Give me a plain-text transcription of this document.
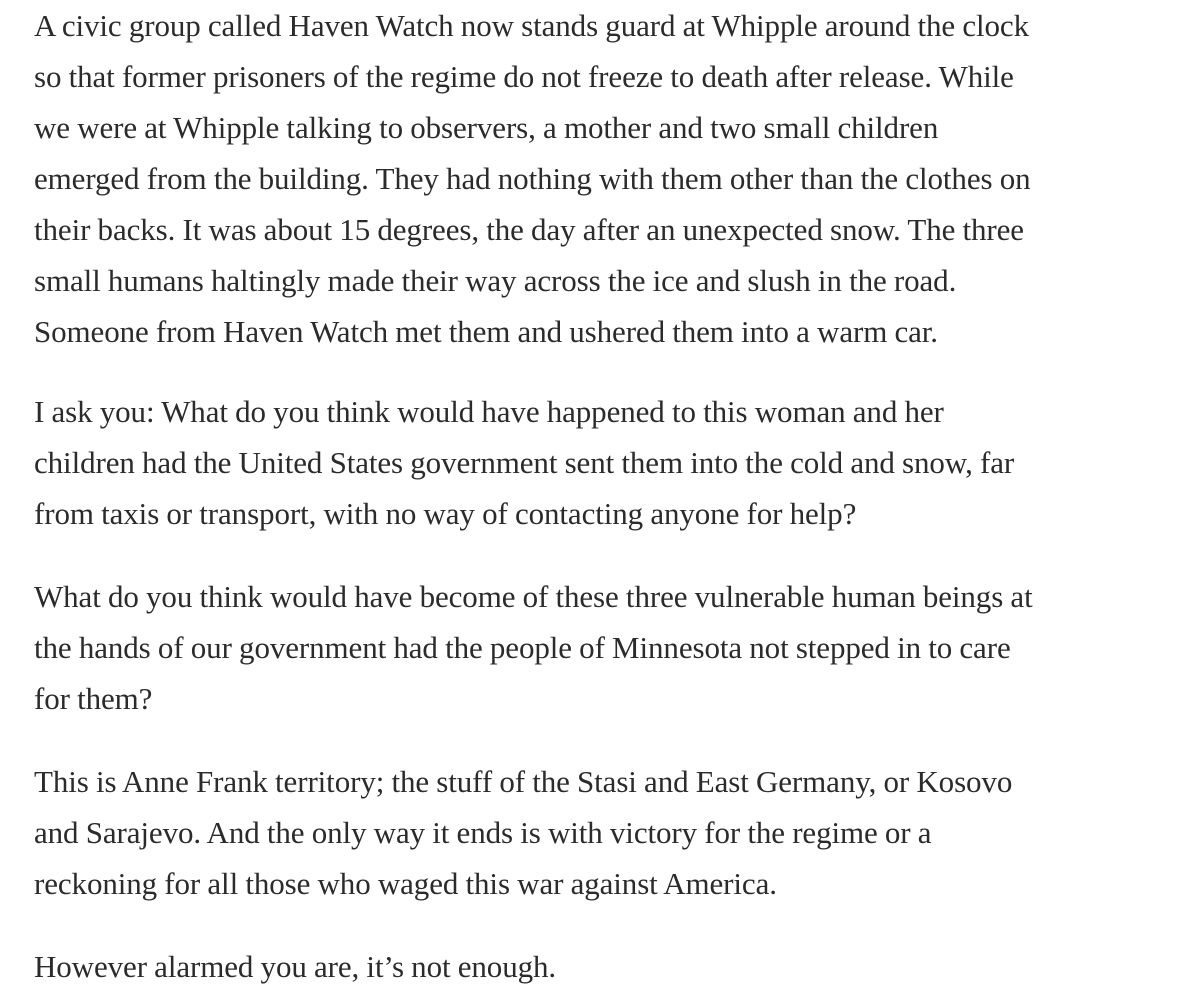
A civic group called Haven Watch now stands guard at Whipple around the clock
so that former prisoners of the regime do not freeze to death after release. While
we were at Whipple talking to observers, a mother and two small children
emerged from the building. They had nothing with them other than the clothes on
their backs. It was about 15 degrees, the day after an unexpected snow. The three
small humans haltingly made their way across the ice and slush in the road.
Someone from Haven Watch met them and ushered them into a warm car.

I ask you: What do you think would have happened to this woman and her
children had the United States government sent them into the cold and snow, far
from taxis or transport, with no way of contacting anyone for help?

What do you think would have become of these three vulnerable human beings at
the hands of our government had the people of Minnesota not stepped in to care
for them?

This is Anne Frank territory; the stuff of the Stasi and East Germany, or Kosovo
and Sarajevo. And the only way it ends is with victory for the regime or a
reckoning for all those who waged this war against America.

However alarmed you are, it’s not enough.
